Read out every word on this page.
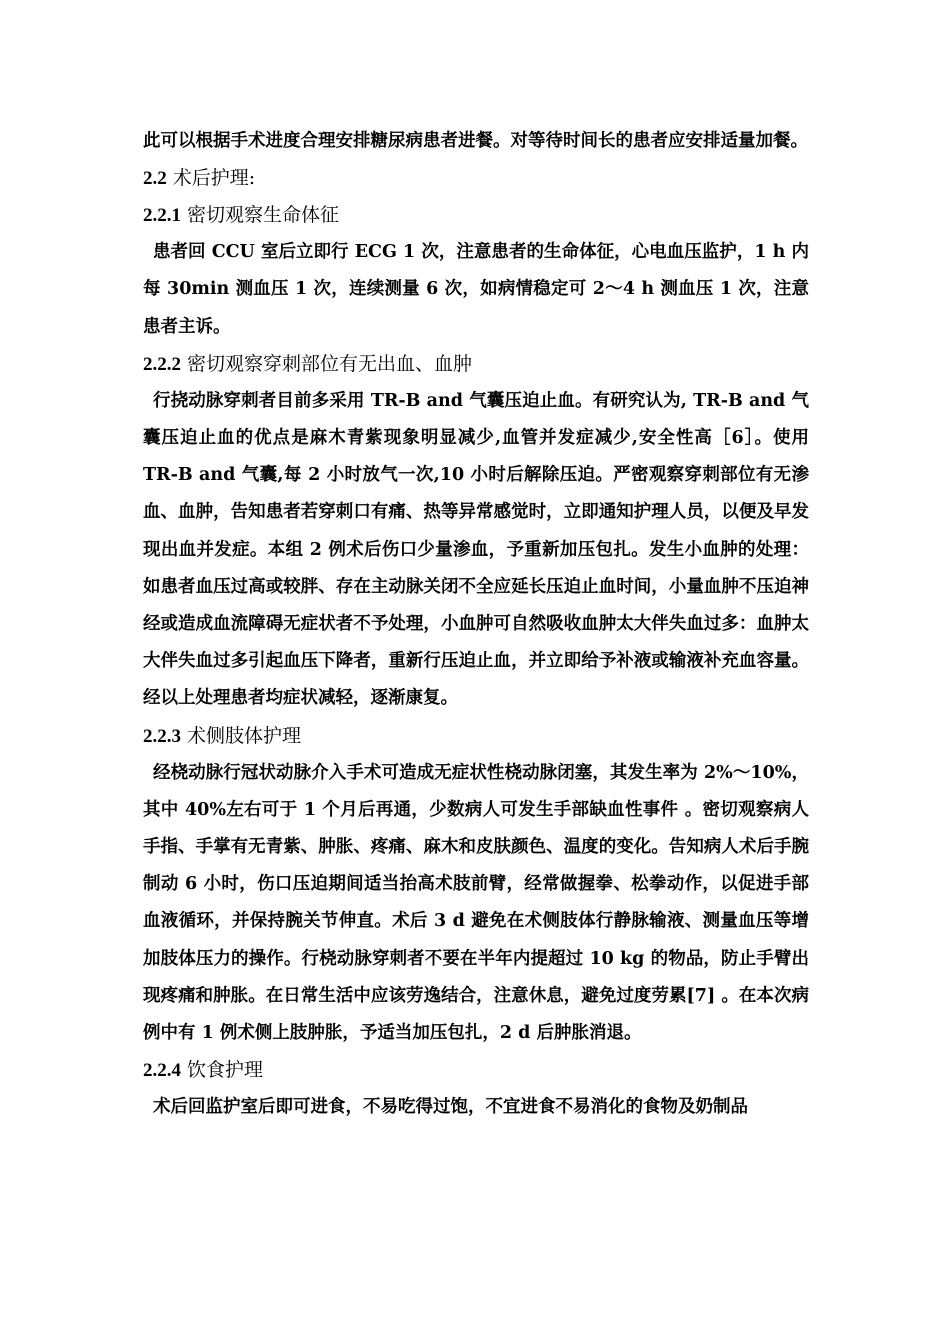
此可以根据手术进度合理安排糖尿病患者进餐。对等待时间长的患者应安排适量加餐。

2.2 术后护理:
2.2.1 密切观察生命体征

患者回 CCU 室后立即行 ECG 1 次，注意患者的生命体征，心电血压监护，1 h 内每 30min 测血压 1 次，连续测量 6 次，如病情稳定可 2～4 h 测血压 1 次，注意患者主诉。

2.2.2 密切观察穿刺部位有无出血、血肿

行挠动脉穿刺者目前多采用 TR-B and 气囊压迫止血。有研究认为, TR-B and 气囊压迫止血的优点是麻木青紫现象明显减少,血管并发症减少,安全性高［6］。使用 TR-B and 气囊,每 2 小时放气一次,10 小时后解除压迫。严密观察穿刺部位有无渗血、血肿，告知患者若穿刺口有痛、热等异常感觉时，立即通知护理人员，以便及早发现出血并发症。本组 2 例术后伤口少量渗血，予重新加压包扎。发生小血肿的处理：如患者血压过高或较胖、存在主动脉关闭不全应延长压迫止血时间，小量血肿不压迫神经或造成血流障碍无症状者不予处理，小血肿可自然吸收血肿太大伴失血过多：血肿太大伴失血过多引起血压下降者，重新行压迫止血，并立即给予补液或输液补充血容量。经以上处理患者均症状减轻，逐渐康复。

2.2.3 术侧肢体护理

经桡动脉行冠状动脉介入手术可造成无症状性桡动脉闭塞，其发生率为 2%～10%，其中 40%左右可于 1 个月后再通，少数病人可发生手部缺血性事件 。密切观察病人手指、手掌有无青紫、肿胀、疼痛、麻木和皮肤颜色、温度的变化。告知病人术后手腕制动 6 小时，伤口压迫期间适当抬高术肢前臂，经常做握拳、松拳动作，以促进手部血液循环，并保持腕关节伸直。术后 3 d 避免在术侧肢体行静脉输液、测量血压等增加肢体压力的操作。行桡动脉穿刺者不要在半年内提超过 10 kg 的物品，防止手臂出现疼痛和肿胀。在日常生活中应该劳逸结合，注意休息，避免过度劳累[7] 。在本次病例中有 1 例术侧上肢肿胀，予适当加压包扎，2 d 后肿胀消退。

2.2.4 饮食护理

术后回监护室后即可进食，不易吃得过饱，不宜进食不易消化的食物及奶制品
